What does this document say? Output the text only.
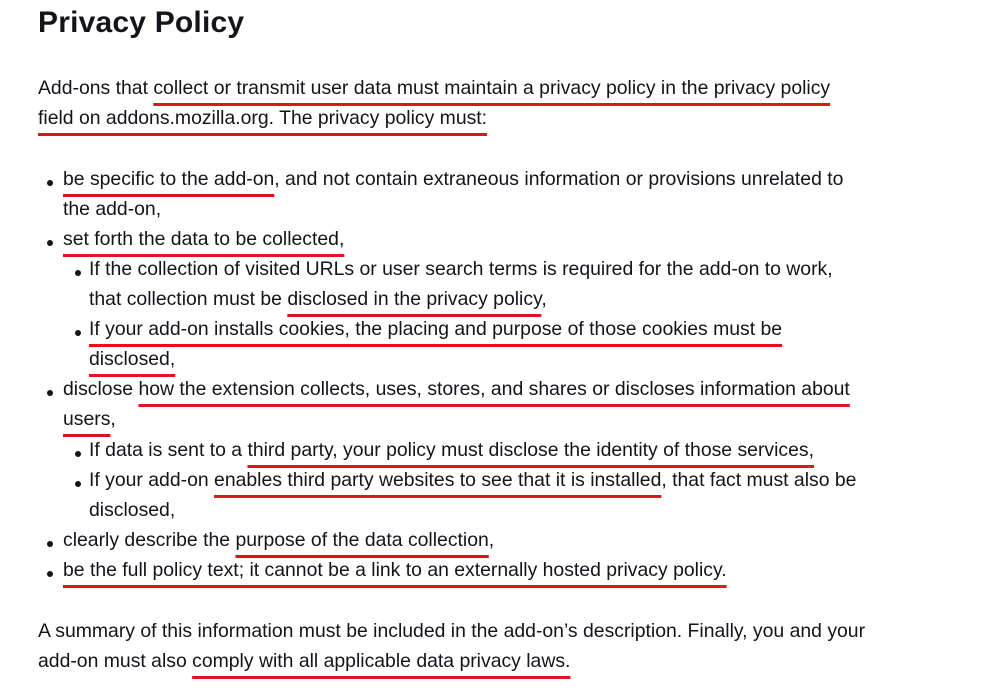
Privacy Policy
Add-ons that collect or transmit user data must maintain a privacy policy in the privacy policy
field on addons.mozilla.org. The privacy policy must:
be specific to the add-on, and not contain extraneous information or provisions unrelated to
the add-on,
set forth the data to be collected,
If the collection of visited URLs or user search terms is required for the add-on to work,
that collection must be disclosed in the privacy policy,
If your add-on installs cookies, the placing and purpose of those cookies must be
disclosed,
disclose how the extension collects, uses, stores, and shares or discloses information about
users,
If data is sent to a third party, your policy must disclose the identity of those services,
If your add-on enables third party websites to see that it is installed, that fact must also be
disclosed,
clearly describe the purpose of the data collection,
be the full policy text; it cannot be a link to an externally hosted privacy policy.
A summary of this information must be included in the add-on’s description. Finally, you and your
add-on must also comply with all applicable data privacy laws.
